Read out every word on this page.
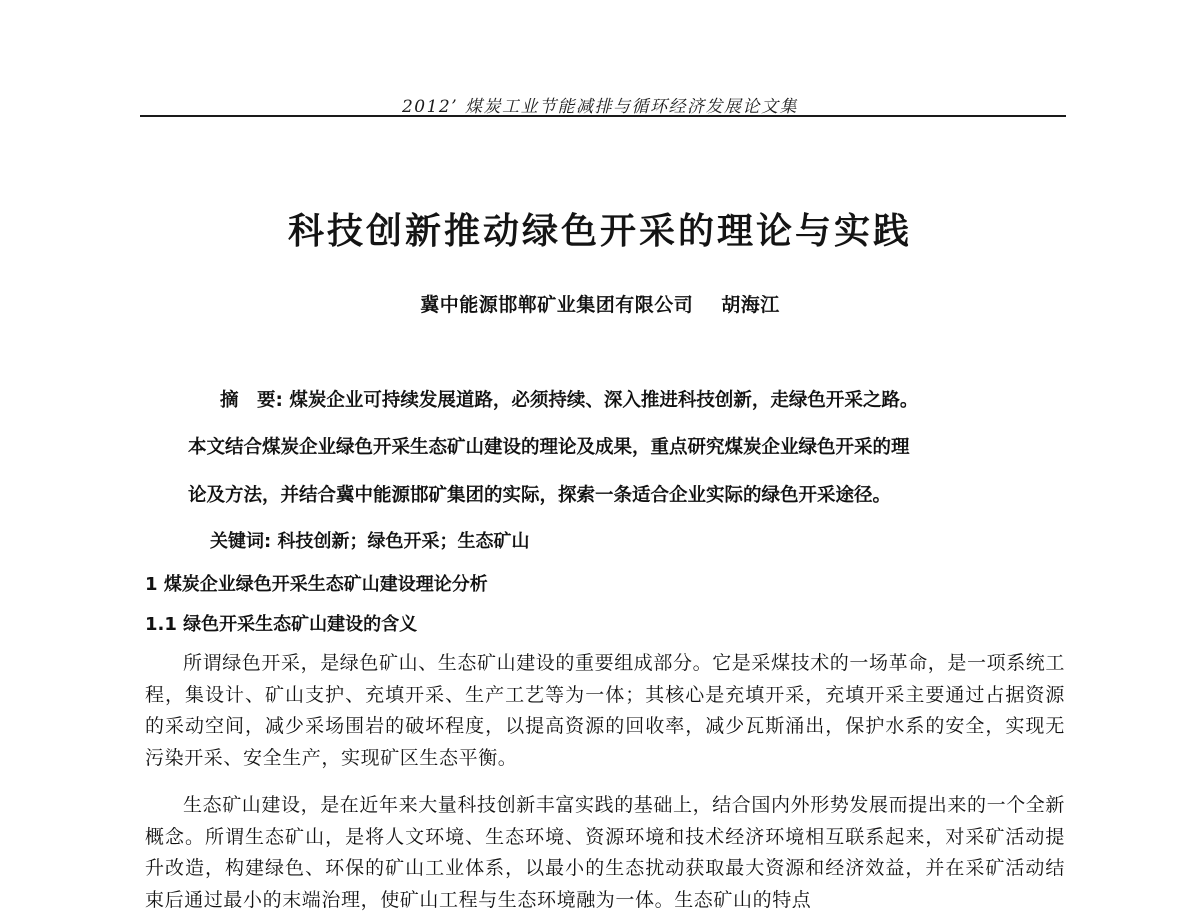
2012’ 煤炭工业节能减排与循环经济发展论文集
科技创新推动绿色开采的理论与实践
冀中能源邯郸矿业集团有限公司 胡海江
摘　要: 煤炭企业可持续发展道路，必须持续、深入推进科技创新，走绿色开采之路。
本文结合煤炭企业绿色开采生态矿山建设的理论及成果，重点研究煤炭企业绿色开采的理
论及方法，并结合冀中能源邯矿集团的实际，探索一条适合企业实际的绿色开采途径。
关键词: 科技创新；绿色开采；生态矿山
1 煤炭企业绿色开采生态矿山建设理论分析
1.1 绿色开采生态矿山建设的含义
所谓绿色开采，是绿色矿山、生态矿山建设的重要组成部分。它是采煤技术的一场革命，是一项系统工程，集设计、矿山支护、充填开采、生产工艺等为一体；其核心是充填开采，充填开采主要通过占据资源的采动空间，减少采场围岩的破坏程度，以提高资源的回收率，减少瓦斯涌出，保护水系的安全，实现无污染开采、安全生产，实现矿区生态平衡。
生态矿山建设，是在近年来大量科技创新丰富实践的基础上，结合国内外形势发展而提出来的一个全新概念。所谓生态矿山，是将人文环境、生态环境、资源环境和技术经济环境相互联系起来，对采矿活动提升改造，构建绿色、环保的矿山工业体系，以最小的生态扰动获取最大资源和经济效益，并在采矿活动结束后通过最小的末端治理，使矿山工程与生态环境融为一体。生态矿山的特点
